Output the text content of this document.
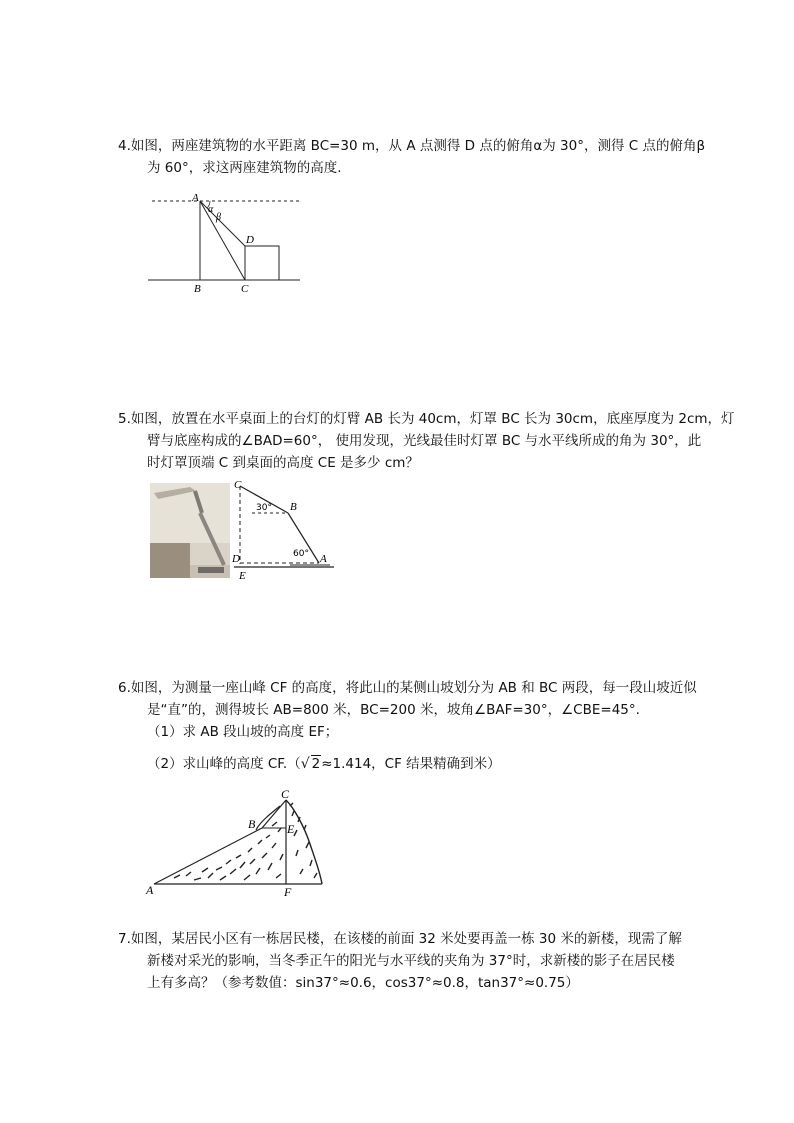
4.如图，两座建筑物的水平距离 BC=30 m，从 A 点测得 D 点的俯角α为 30°，测得 C 点的俯角β
为 60°，求这两座建筑物的高度.
A
α
β
D
B	C
5.如图，放置在水平桌面上的台灯的灯臂 AB 长为 40cm，灯罩 BC 长为 30cm，底座厚度为 2cm，灯
臂与底座构成的∠BAD=60°， 使用发现，光线最佳时灯罩 BC 与水平线所成的角为 30°，此
时灯罩顶端 C 到桌面的高度 CE 是多少 cm？
C
B
30°
60°
D	A
E
6.如图，为测量一座山峰 CF 的高度，将此山的某侧山坡划分为 AB 和 BC 两段，每一段山坡近似
是“直”的，测得坡长 AB=800 米，BC=200 米，坡角∠BAF=30°，∠CBE=45°.
（1）求 AB 段山坡的高度 EF；
（2）求山峰的高度 CF.（√ 2≈1.414，CF 结果精确到米）
C
B	E
A	F
7.如图，某居民小区有一栋居民楼，在该楼的前面 32 米处要再盖一栋 30 米的新楼，现需了解
新楼对采光的影响，当冬季正午的阳光与水平线的夹角为 37°时，求新楼的影子在居民楼
上有多高？（参考数值：sin37°≈0.6，cos37°≈0.8，tan37°≈0.75）
